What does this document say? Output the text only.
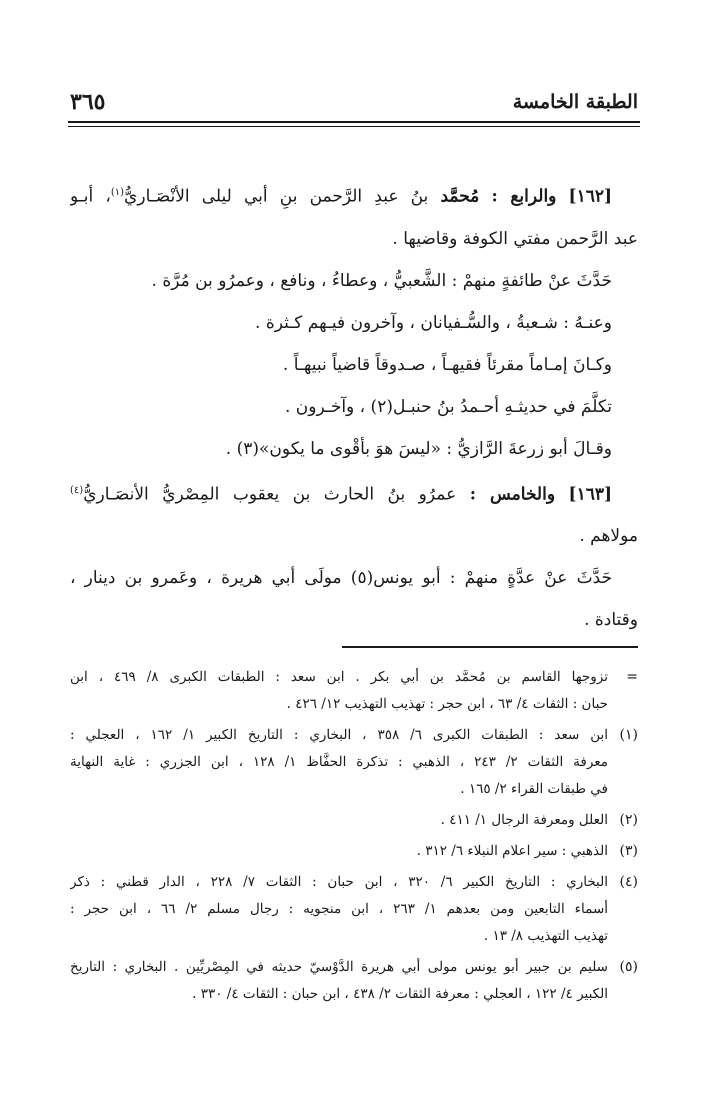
الطبقة الخامسة
٣٦٥

[١٦٢] والرابع : مُحمَّد بنُ عبدِ الرَّحمن بنِ أبي ليلى الأنْصَـاريُّ$^{(١)}$، أبـو

عبد الرَّحمن مفتي الكوفة وقاضيها .

حَدَّثَ عنْ طائفةٍ منهمْ : الشَّعبيُّ ، وعطاءُ ، ونافع ، وعمرُو بن مُرَّة .

وعنـهُ : شـعبةُ ، والسُّـفيانان ، وآخرون فيـهم كـثرة .

وكـانَ إمـاماً مقرئاً فقيهـاً ، صـدوقاً قاضياً نبيهـاً .

تكلَّمَ في حديثـهِ أحـمدُ بنُ حنبـل(٢) ، وآخـرون .

وقـالَ أبو زرعةَ الرَّازيُّ : «ليسَ هوَ بأقْوى ما يكون»(٣) .

[١٦٣] والخامس : عمرُو بنُ الحارث بن يعقوب المِصْريُّ الأنصَـاريُّ$^{(٤)}$

مولاهم .

حَدَّثَ عنْ عدَّةٍ منهمْ : أبو يونس(٥) مولَى أبي هريرة ، وعَمرو بن دينار ،

وقتادة .

=
تزوجها القاسم بن مُحمَّد بن أبي بكر . ابن سعد : الطبقات الكبرى ٨/ ٤٦٩ ، ابن
حبان : الثقات ٤/ ٦٣ ، ابن حجر : تهذيب التهذيب ١٢/ ٤٢٦ .
(١)
ابن سعد : الطبقات الكبرى ٦/ ٣٥٨ ، البخاري : التاريخ الكبير ١/ ١٦٢ ، العجلي :
معرفة الثقات ٢/ ٢٤٣ ، الذهبي : تذكرة الحفَّاظ ١/ ١٢٨ ، ابن الجزري : غاية النهاية
في طبقات القراء ٢/ ١٦٥ .
(٢)
العلل ومعرفة الرجال ١/ ٤١١ .
(٣)
الذهبي : سير اعلام النبلاء ٦/ ٣١٢ .
(٤)
البخاري : التاريخ الكبير ٦/ ٣٢٠ ، ابن حبان : الثقات ٧/ ٢٢٨ ، الدار قطني : ذكر
أسماء التابعين ومن بعدهم ١/ ٢٦٣ ، ابن منجويه : رجال مسلم ٢/ ٦٦ ، ابن حجر :
تهذيب التهذيب ٨/ ١٣ .
(٥)
سليم بن جبير أبو يونس مولى أبي هريرة الدَّوْسيّ حديثه في المِصْريِّين . البخاري : التاريخ
الكبير ٤/ ١٢٢ ، العجلي : معرفة الثقات ٢/ ٤٣٨ ، ابن حبان : الثقات ٤/ ٣٣٠ .
